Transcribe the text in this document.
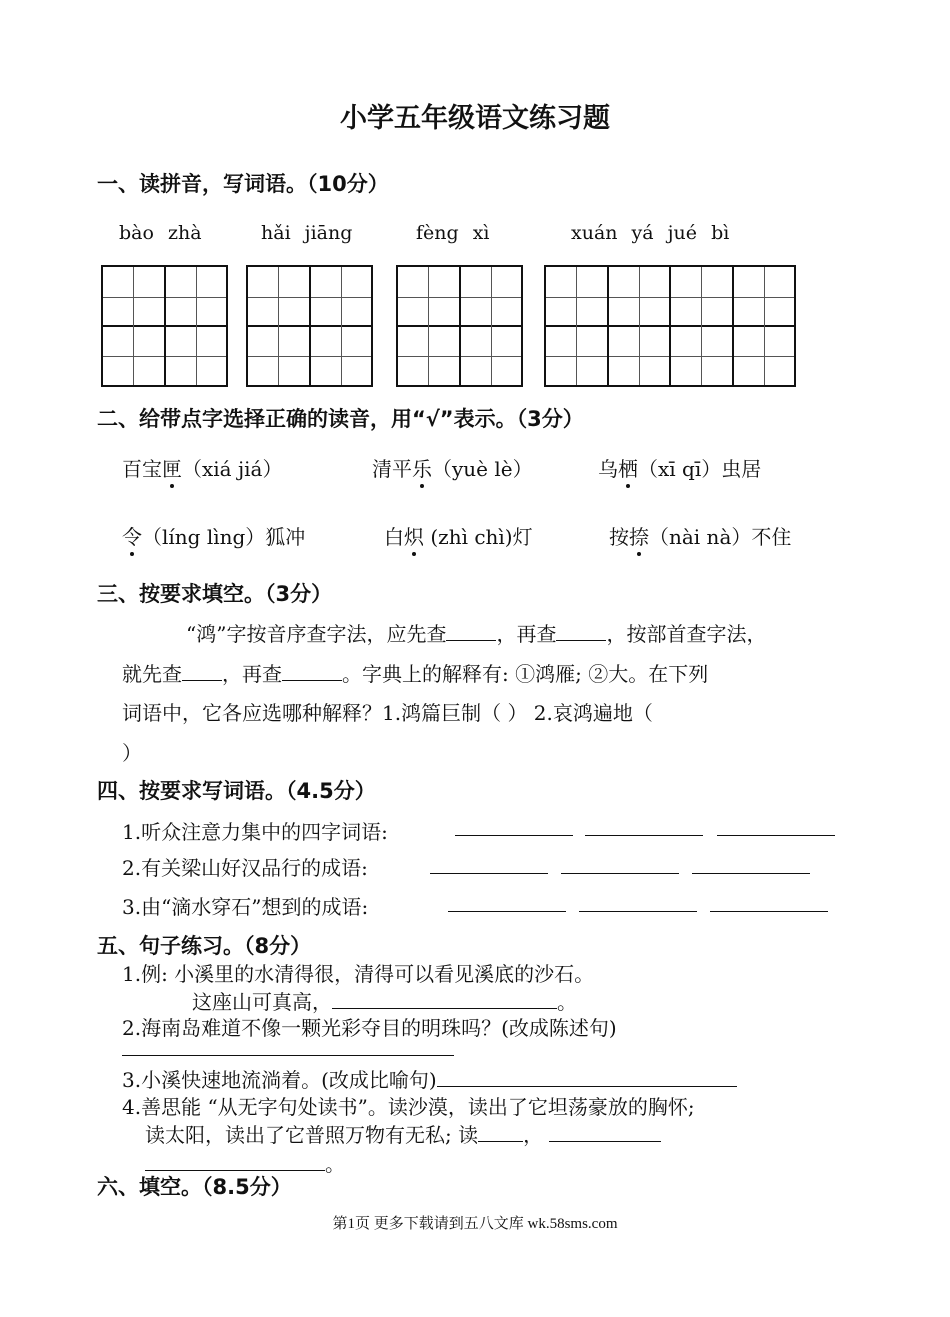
小学五年级语文练习题
一、读拼音，写词语。（10分）
bào zhà	hǎi jiāng	fèng xì	xuán yá jué bì
二、给带点字选择正确的读音，用“√”表示。（3分）
百宝匣（xiá jiá）	清平乐（yuè lè）	乌栖（xī qī）虫居
令（líng lìng）狐冲	白炽 (zhì chì)灯	按捺（nài nà）不住
三、按要求填空。（3分）
“鸿”字按音序查字法，应先查	，再查	，按部首查字法，
就先查 ，再查	。字典上的解释有: ①鸿雁; ②大。在下列
词语中，它各应选哪种解释？1.鸿篇巨制（ ） 2.哀鸿遍地（
）
四、按要求写词语。（4.5分）
1.听众注意力集中的四字词语:
2.有关梁山好汉品行的成语:
3.由“滴水穿石”想到的成语:
五、句子练习。（8分）
1.例: 小溪里的水清得很，清得可以看见溪底的沙石。
这座山可真高，	。
2.海南岛难道不像一颗光彩夺目的明珠吗？(改成陈述句)
3.小溪快速地流淌着。(改成比喻句)
4.善思能 “从无字句处读书”。读沙漠，读出了它坦荡豪放的胸怀;
读太阳，读出了它普照万物有无私; 读 ，
。
六、填空。（8.5分）
第1页 更多下载请到五八文库 wk.58sms.com
